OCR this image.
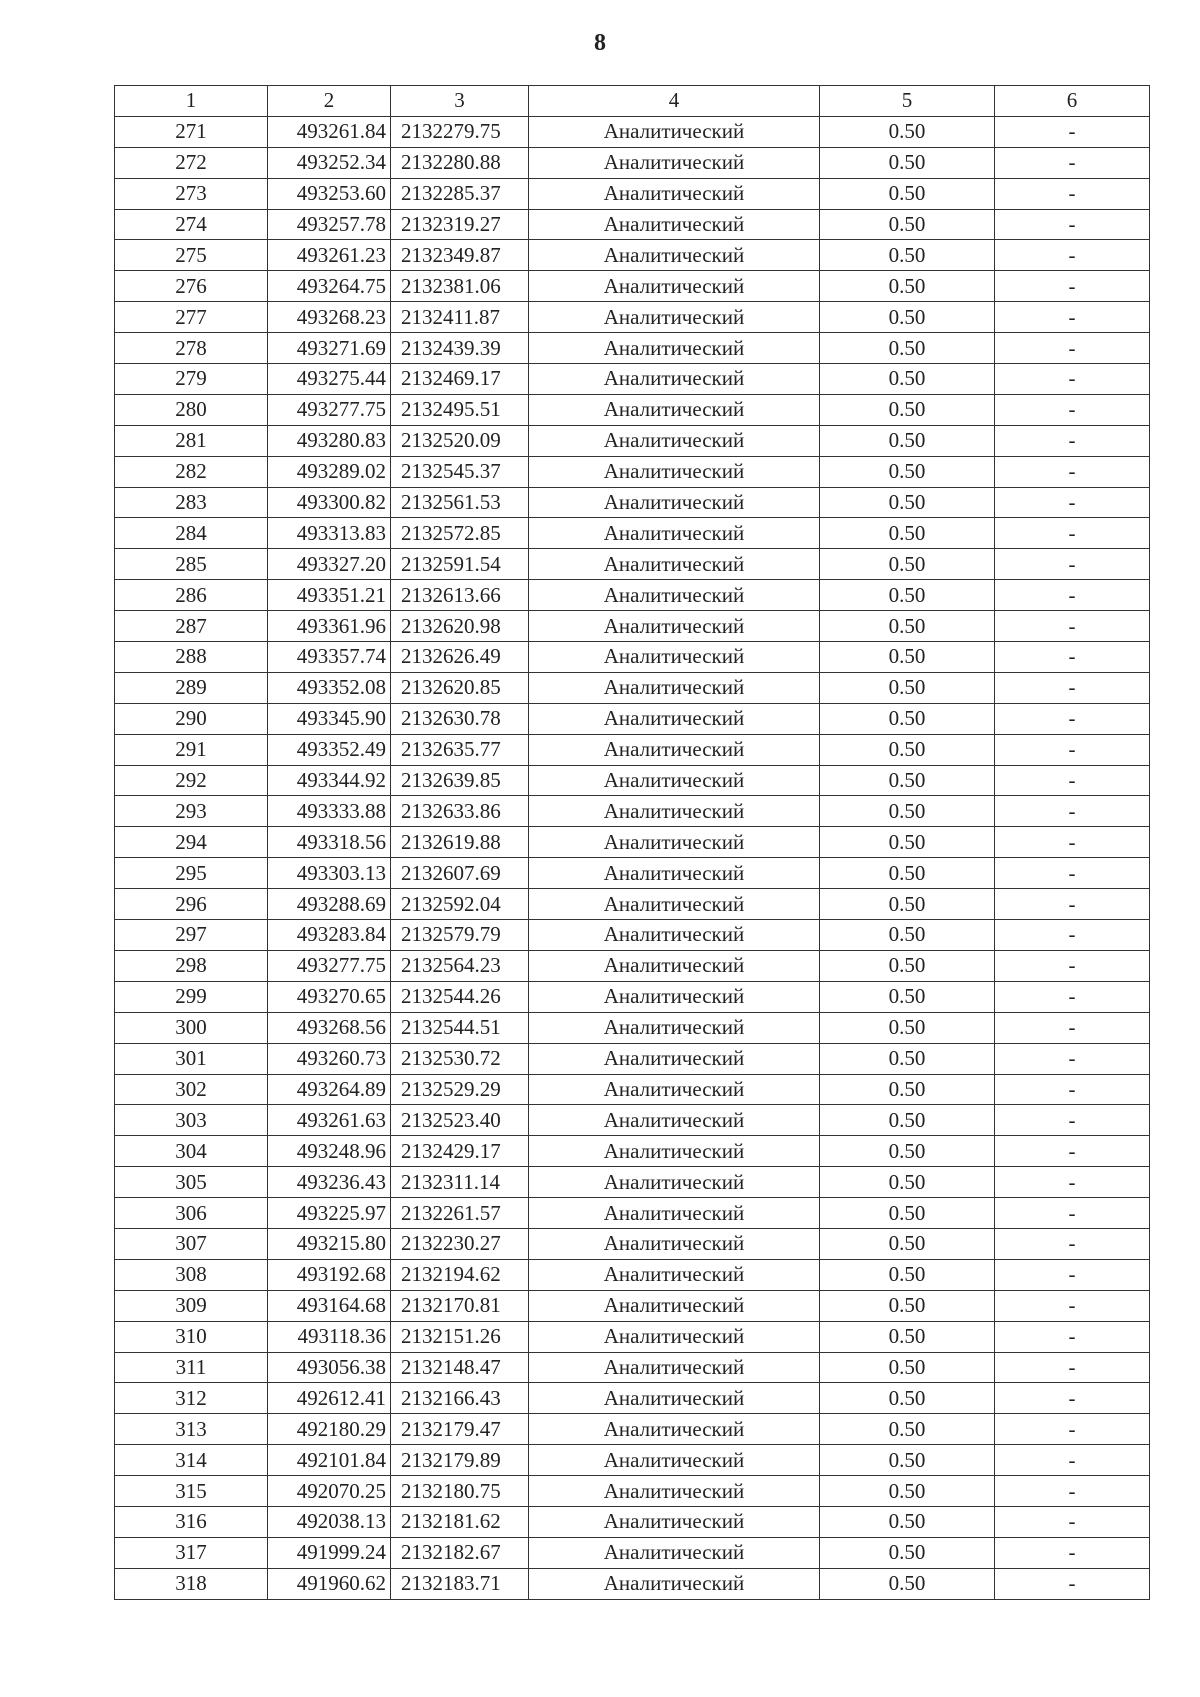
8
1	2	3	4	5	6
271	493261.84	2132279.75	Аналитический	0.50	-
272	493252.34	2132280.88	Аналитический	0.50	-
273	493253.60	2132285.37	Аналитический	0.50	-
274	493257.78	2132319.27	Аналитический	0.50	-
275	493261.23	2132349.87	Аналитический	0.50	-
276	493264.75	2132381.06	Аналитический	0.50	-
277	493268.23	2132411.87	Аналитический	0.50	-
278	493271.69	2132439.39	Аналитический	0.50	-
279	493275.44	2132469.17	Аналитический	0.50	-
280	493277.75	2132495.51	Аналитический	0.50	-
281	493280.83	2132520.09	Аналитический	0.50	-
282	493289.02	2132545.37	Аналитический	0.50	-
283	493300.82	2132561.53	Аналитический	0.50	-
284	493313.83	2132572.85	Аналитический	0.50	-
285	493327.20	2132591.54	Аналитический	0.50	-
286	493351.21	2132613.66	Аналитический	0.50	-
287	493361.96	2132620.98	Аналитический	0.50	-
288	493357.74	2132626.49	Аналитический	0.50	-
289	493352.08	2132620.85	Аналитический	0.50	-
290	493345.90	2132630.78	Аналитический	0.50	-
291	493352.49	2132635.77	Аналитический	0.50	-
292	493344.92	2132639.85	Аналитический	0.50	-
293	493333.88	2132633.86	Аналитический	0.50	-
294	493318.56	2132619.88	Аналитический	0.50	-
295	493303.13	2132607.69	Аналитический	0.50	-
296	493288.69	2132592.04	Аналитический	0.50	-
297	493283.84	2132579.79	Аналитический	0.50	-
298	493277.75	2132564.23	Аналитический	0.50	-
299	493270.65	2132544.26	Аналитический	0.50	-
300	493268.56	2132544.51	Аналитический	0.50	-
301	493260.73	2132530.72	Аналитический	0.50	-
302	493264.89	2132529.29	Аналитический	0.50	-
303	493261.63	2132523.40	Аналитический	0.50	-
304	493248.96	2132429.17	Аналитический	0.50	-
305	493236.43	2132311.14	Аналитический	0.50	-
306	493225.97	2132261.57	Аналитический	0.50	-
307	493215.80	2132230.27	Аналитический	0.50	-
308	493192.68	2132194.62	Аналитический	0.50	-
309	493164.68	2132170.81	Аналитический	0.50	-
310	493118.36	2132151.26	Аналитический	0.50	-
311	493056.38	2132148.47	Аналитический	0.50	-
312	492612.41	2132166.43	Аналитический	0.50	-
313	492180.29	2132179.47	Аналитический	0.50	-
314	492101.84	2132179.89	Аналитический	0.50	-
315	492070.25	2132180.75	Аналитический	0.50	-
316	492038.13	2132181.62	Аналитический	0.50	-
317	491999.24	2132182.67	Аналитический	0.50	-
318	491960.62	2132183.71	Аналитический	0.50	-
